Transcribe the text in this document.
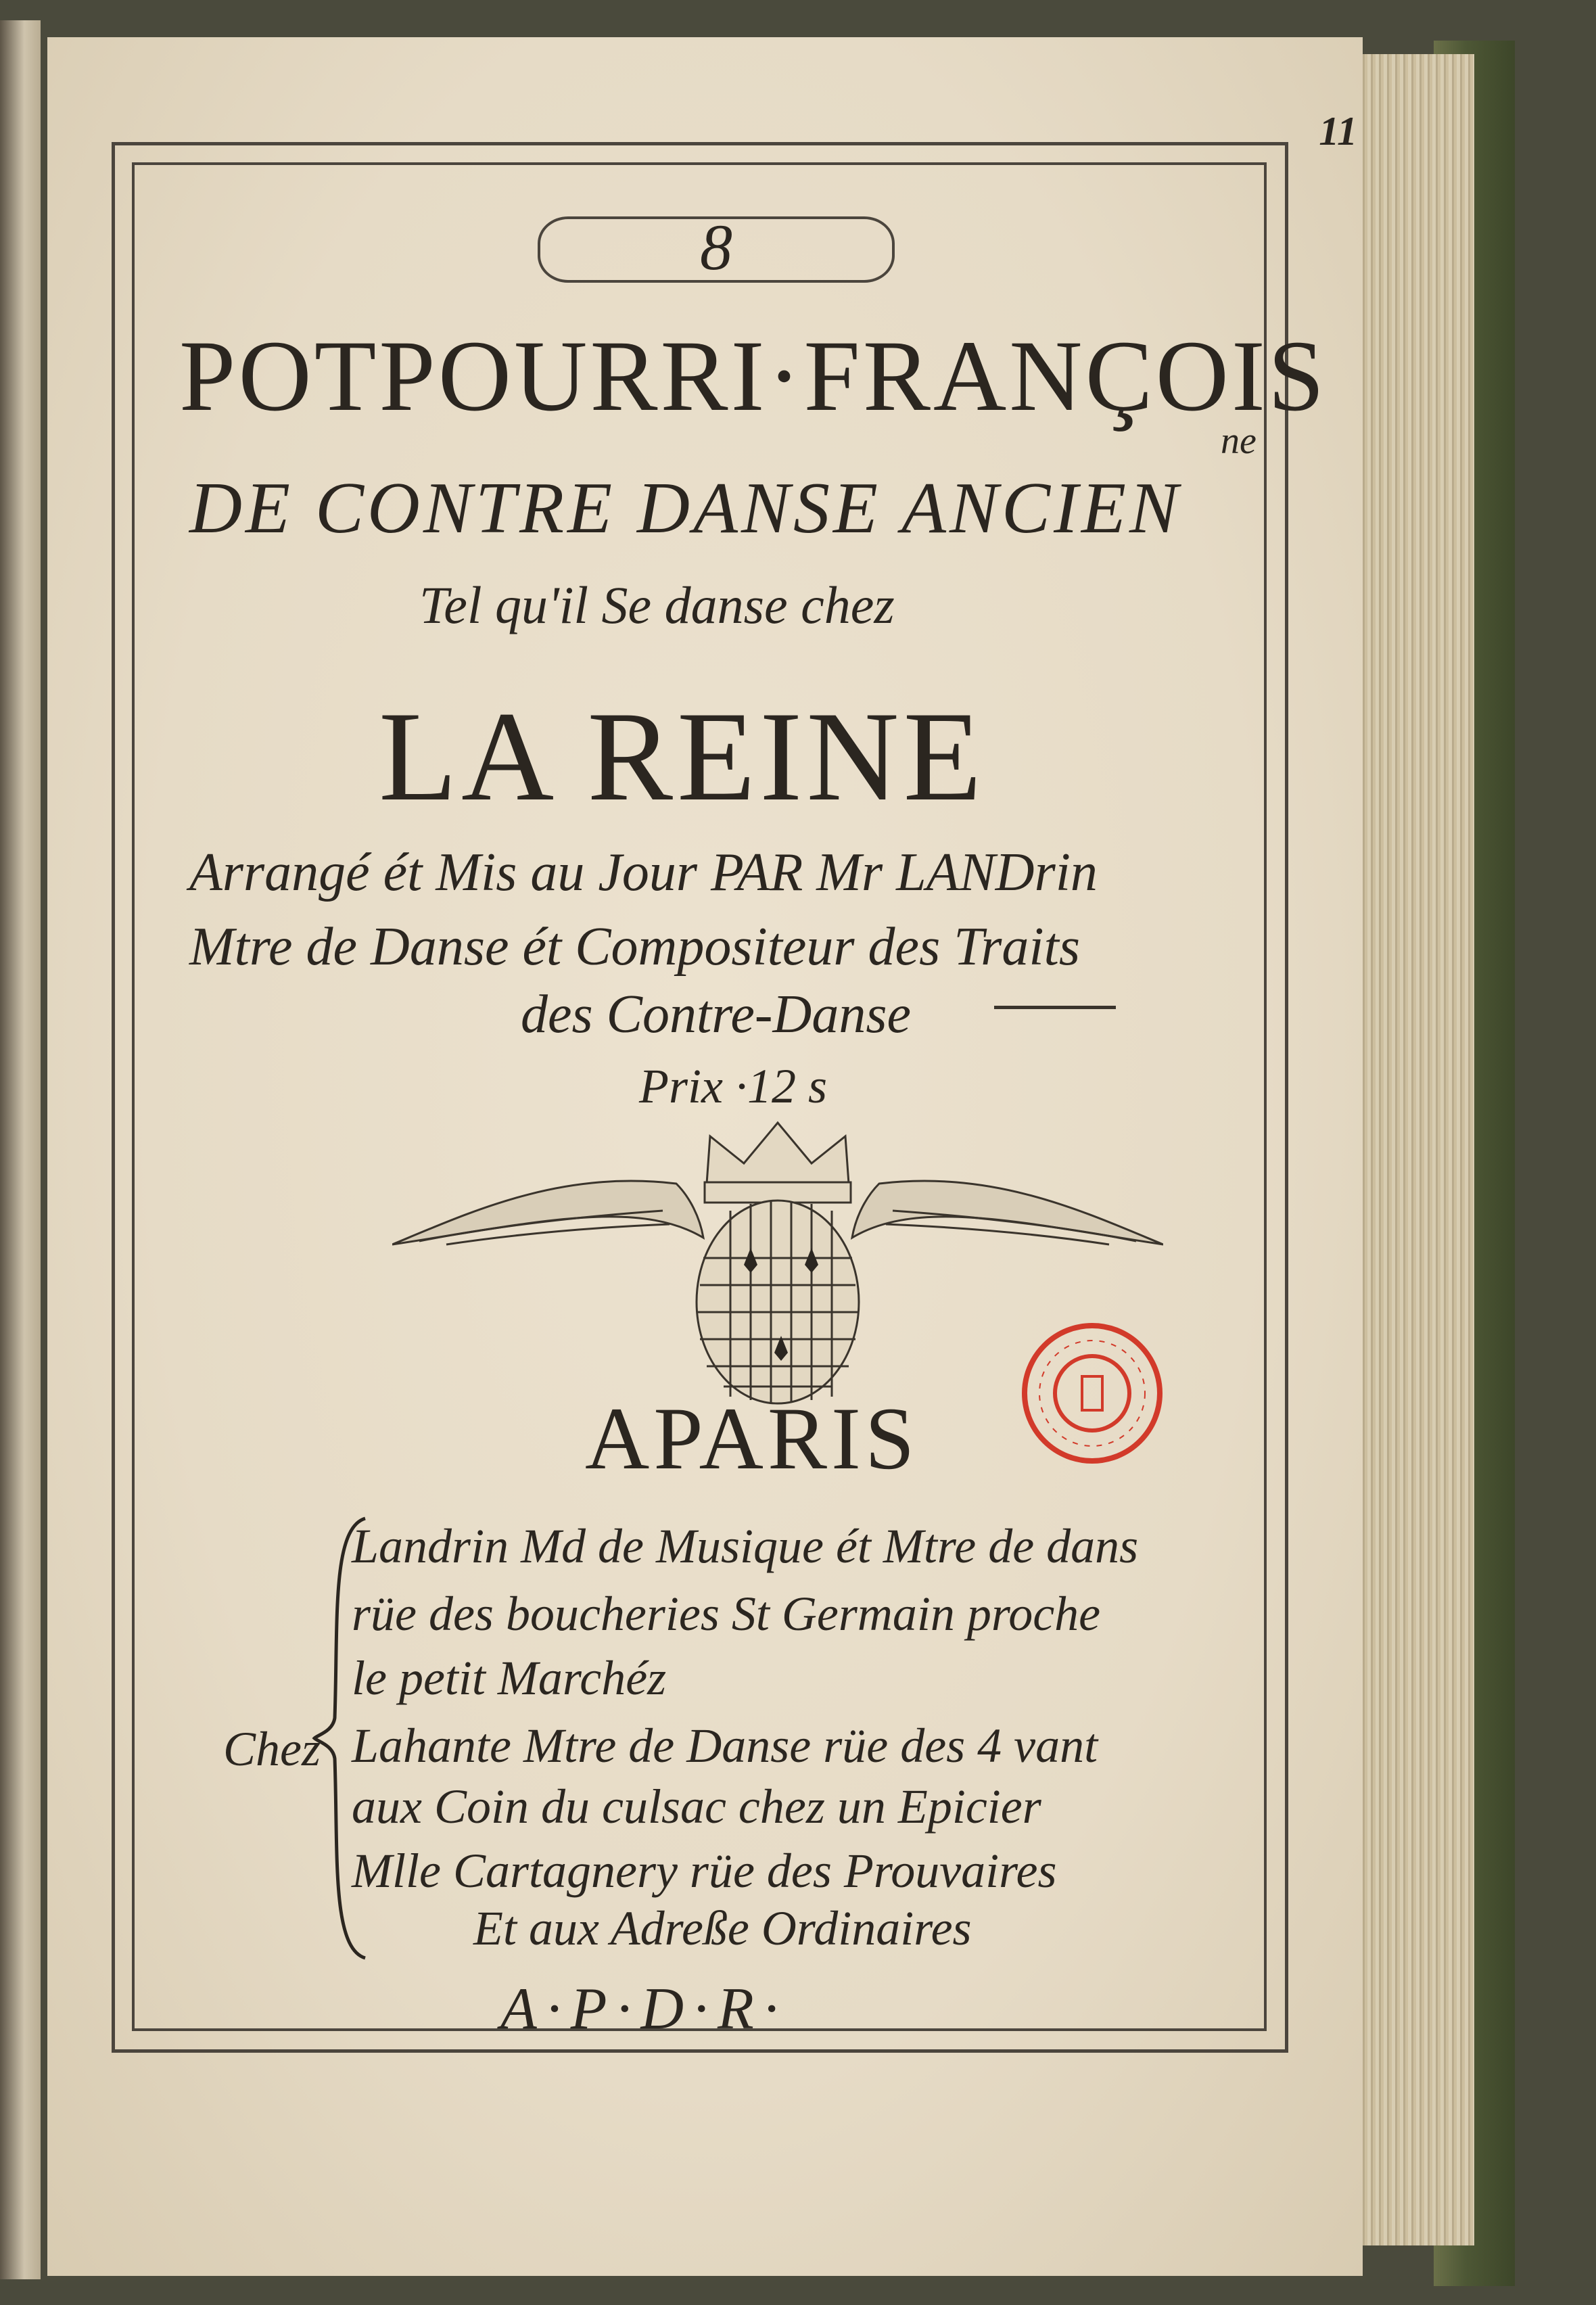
11
8
POTPOURRI·FRANÇOIS
DE CONTRE DANSE ANCIEN
ne
Tel qu'il Se danse chez
LA REINE
Arrangé ét Mis au Jour PAR Mr LANDrin
Mtre de Danse ét Compositeur des Traits
des Contre-Danse
Prix ·12 s
APARIS
Chez
Landrin Md de Musique ét Mtre de dans
rüe des boucheries St Germain proche
le petit Marchéz
Lahante Mtre de Danse rüe des 4 vant
aux Coin du culsac chez un Epicier
Mlle Cartagnery rüe des Prouvaires
Et aux Adreße Ordinaires
A·P·D·R·
